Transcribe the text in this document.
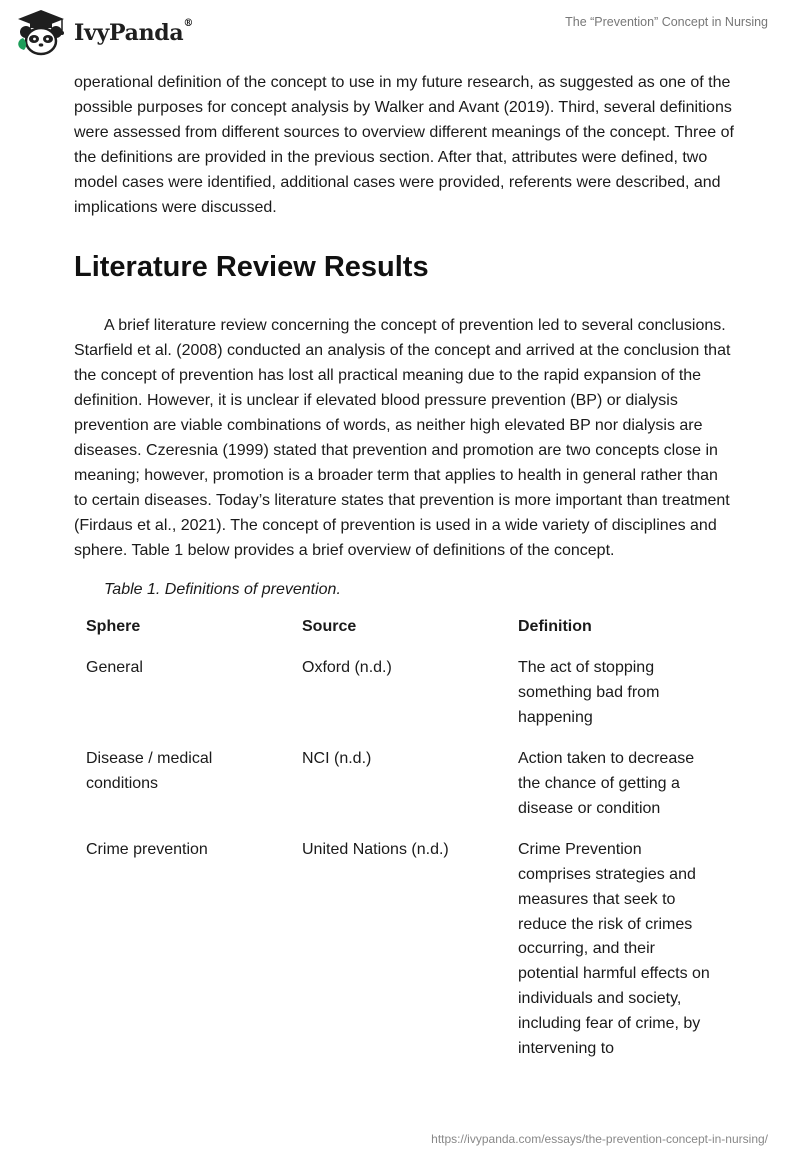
IvyPanda®	The “Prevention” Concept in Nursing

operational definition of the concept to use in my future research, as suggested as one of the possible purposes for concept analysis by Walker and Avant (2019). Third, several definitions were assessed from different sources to overview different meanings of the concept. Three of the definitions are provided in the previous section. After that, attributes were defined, two model cases were identified, additional cases were provided, referents were described, and implications were discussed.

Literature Review Results

A brief literature review concerning the concept of prevention led to several conclusions. Starfield et al. (2008) conducted an analysis of the concept and arrived at the conclusion that the concept of prevention has lost all practical meaning due to the rapid expansion of the definition. However, it is unclear if elevated blood pressure prevention (BP) or dialysis prevention are viable combinations of words, as neither high elevated BP nor dialysis are diseases. Czeresnia (1999) stated that prevention and promotion are two concepts close in meaning; however, promotion is a broader term that applies to health in general rather than to certain diseases. Today’s literature states that prevention is more important than treatment (Firdaus et al., 2021). The concept of prevention is used in a wide variety of disciplines and sphere. Table 1 below provides a brief overview of definitions of the concept.

Table 1. Definitions of prevention.
Sphere	Source	Definition
General	Oxford (n.d.)	The act of stopping something bad from happening
Disease / medical conditions	NCI (n.d.)	Action taken to decrease the chance of getting a disease or condition
Crime prevention	United Nations (n.d.)	Crime Prevention comprises strategies and measures that seek to reduce the risk of crimes occurring, and their potential harmful effects on individuals and society, including fear of crime, by intervening to
https://ivypanda.com/essays/the-prevention-concept-in-nursing/
